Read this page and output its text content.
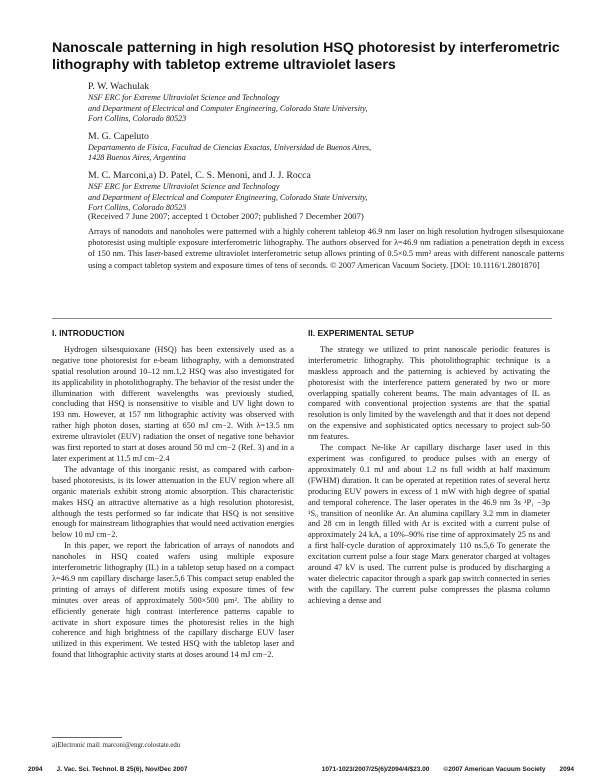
Nanoscale patterning in high resolution HSQ photoresist by interferometric lithography with tabletop extreme ultraviolet lasers
P. W. Wachulak
NSF ERC for Extreme Ultraviolet Science and Technology
and Department of Electrical and Computer Engineering, Colorado State University,
Fort Collins, Colorado 80523
M. G. Capeluto
Departamento de Física, Facultad de Ciencias Exactas, Universidad de Buenos Aires,
1428 Buenos Aires, Argentina
M. C. Marconi,a) D. Patel, C. S. Menoni, and J. J. Rocca
NSF ERC for Extreme Ultraviolet Science and Technology
and Department of Electrical and Computer Engineering, Colorado State University,
Fort Collins, Colorado 80523
(Received 7 June 2007; accepted 1 October 2007; published 7 December 2007)
Arrays of nanodots and nanoholes were patterned with a highly coherent tabletop 46.9 nm laser on high resolution hydrogen silsesquioxane photoresist using multiple exposure interferometric lithography. The authors observed for λ=46.9 nm radiation a penetration depth in excess of 150 nm. This laser-based extreme ultraviolet interferometric setup allows printing of 0.5×0.5 mm² areas with different nanoscale patterns using a compact tabletop system and exposure times of tens of seconds. © 2007 American Vacuum Society. [DOI: 10.1116/1.2801870]
I. INTRODUCTION

Hydrogen silsesquioxane (HSQ) has been extensively used as a negative tone photoresist for e-beam lithography, with a demonstrated spatial resolution around 10–12 nm.1,2 HSQ was also investigated for its applicability in photolithography. The behavior of the resist under the illumination with different wavelengths was previously studied, concluding that HSQ is nonsensitive to visible and UV light down to 193 nm. However, at 157 nm lithographic activity was observed with rather high photon doses, starting at 650 mJ cm−2. With λ=13.5 nm extreme ultraviolet (EUV) radiation the onset of negative tone behavior was first reported to start at doses around 50 mJ cm−2 (Ref. 3) and in a later experiment at 11.5 mJ cm−2.4

The advantage of this inorganic resist, as compared with carbon-based photoresists, is its lower attenuation in the EUV region where all organic materials exhibit strong atomic absorption. This characteristic makes HSQ an attractive alternative as a high resolution photoresist, although the tests performed so far indicate that HSQ is not sensitive enough for mainstream lithographies that would need activation energies below 10 mJ cm−2.

In this paper, we report the fabrication of arrays of nanodots and nanoholes in HSQ coated wafers using multiple exposure interferometric lithography (IL) in a tabletop setup based on a compact λ=46.9 nm capillary discharge laser.5,6 This compact setup enabled the printing of arrays of different motifs using exposure times of few minutes over areas of approximately 500×500 μm². The ability to efficiently generate high contrast interference patterns capable to activate in short exposure times the photoresist relies in the high coherence and high brightness of the capillary discharge EUV laser utilized in this experiment. We tested HSQ with the tabletop laser and found that lithographic activity starts at doses around 14 mJ cm−2.

II. EXPERIMENTAL SETUP

The strategy we utilized to print nanoscale periodic features is interferometric lithography. This photolithographic technique is a maskless approach and the patterning is achieved by activating the photoresist with the interference pattern generated by two or more overlapping spatially coherent beams. The main advantages of IL as compared with conventional projection systems are that the spatial resolution is only limited by the wavelength and that it does not depend on the expensive and sophisticated optics necessary to project sub-50 nm features.

The compact Ne-like Ar capillary discharge laser used in this experiment was configured to produce pulses with an energy of approximately 0.1 mJ and about 1.2 ns full width at half maximum (FWHM) duration. It can be operated at repetition rates of several hertz producing EUV powers in excess of 1 mW with high degree of spatial and temporal coherence. The laser operates in the 46.9 nm 3s ¹P₁ −3p ¹S₀ transition of neonlike Ar. An alumina capillary 3.2 mm in diameter and 28 cm in length filled with Ar is excited with a current pulse of approximately 24 kA, a 10%–90% rise time of approximately 25 ns and a first half-cycle duration of approximately 110 ns.5,6 To generate the excitation current pulse a four stage Marx generator charged at voltages around 47 kV is used. The current pulse is produced by discharging a water dielectric capacitor through a spark gap switch connected in series with the capillary. The current pulse compresses the plasma column achieving a dense and

a)Electronic mail: marconi@engr.colostate.edu
2094 J. Vac. Sci. Technol. B 25(6), Nov/Dec 2007	1071-1023/2007/25(6)/2094/4/$23.00 ©2007 American Vacuum Society 2094
